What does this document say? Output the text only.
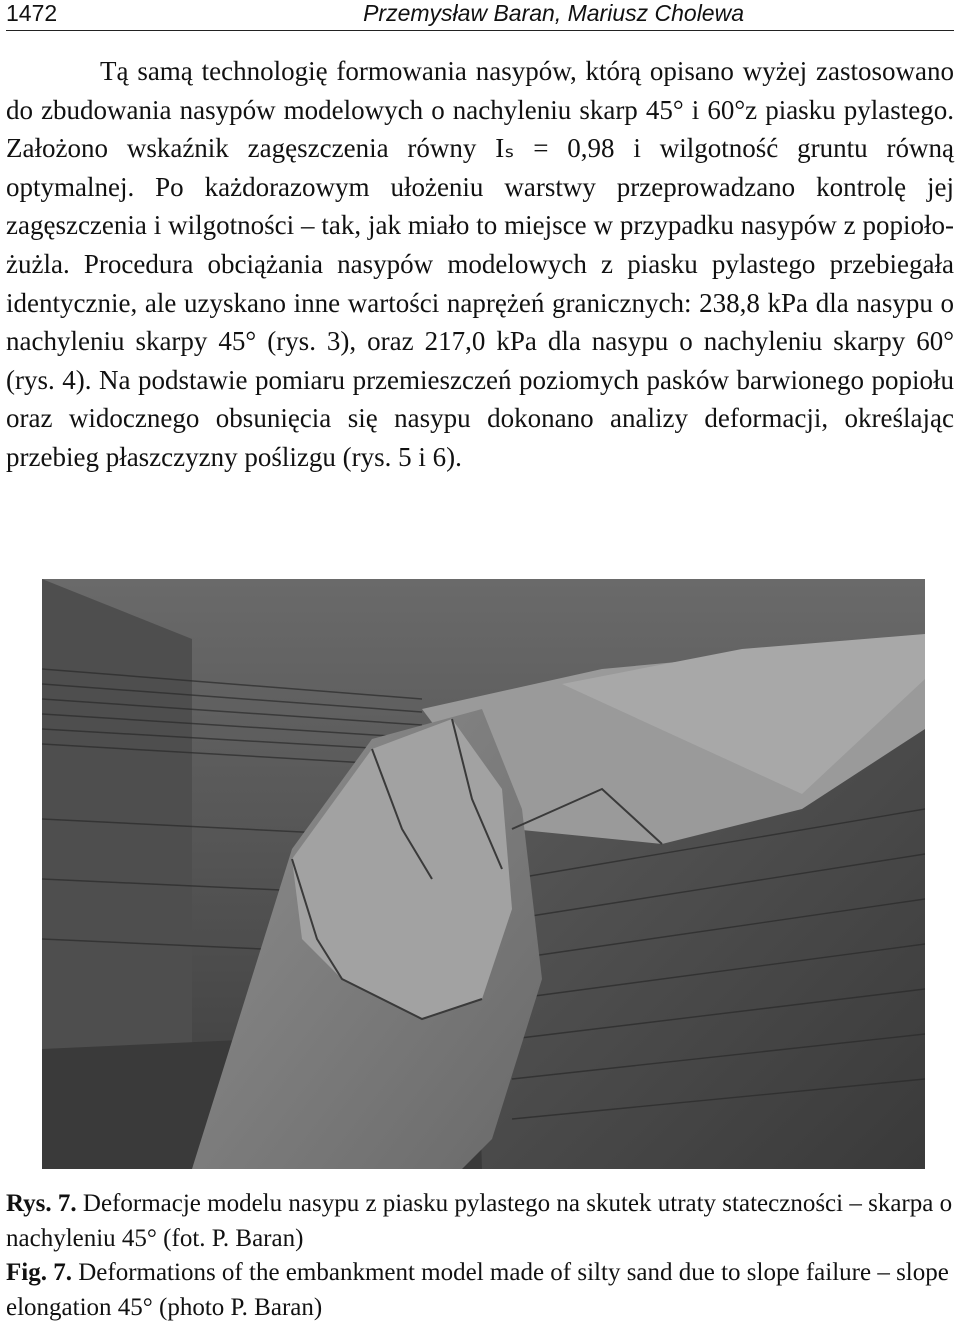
1472	Przemysław Baran, Mariusz Cholewa

Tą samą technologię formowania nasypów, którą opisano wyżej zastosowano do zbudowania nasypów modelowych o nachyleniu skarp 45° i 60°z piasku pylastego. Założono wskaźnik zagęszczenia równy Iₛ = 0,98 i wilgotność gruntu równą optymalnej. Po każdorazowym ułożeniu warstwy przeprowadzano kontrolę jej zagęszczenia i wilgotności – tak, jak miało to miejsce w przypadku nasypów z popioło-żużla. Procedura obciążania nasypów modelowych z piasku pylastego przebiegała identycznie, ale uzyskano inne wartości naprężeń granicznych: 238,8 kPa dla nasypu o nachyleniu skarpy 45° (rys. 3), oraz 217,0 kPa dla nasypu o nachyleniu skarpy 60° (rys. 4). Na podstawie pomiaru przemieszczeń poziomych pasków barwionego popiołu oraz widocznego obsunięcia się nasypu dokonano analizy deformacji, określając przebieg płaszczyzny poślizgu (rys. 5 i 6).

Rys. 7. Deformacje modelu nasypu z piasku pylastego na skutek utraty stateczności – skarpa o nachyleniu 45° (fot. P. Baran)

Fig. 7. Deformations of the embankment model made of silty sand due to slope failure – slope elongation 45° (photo P. Baran)
